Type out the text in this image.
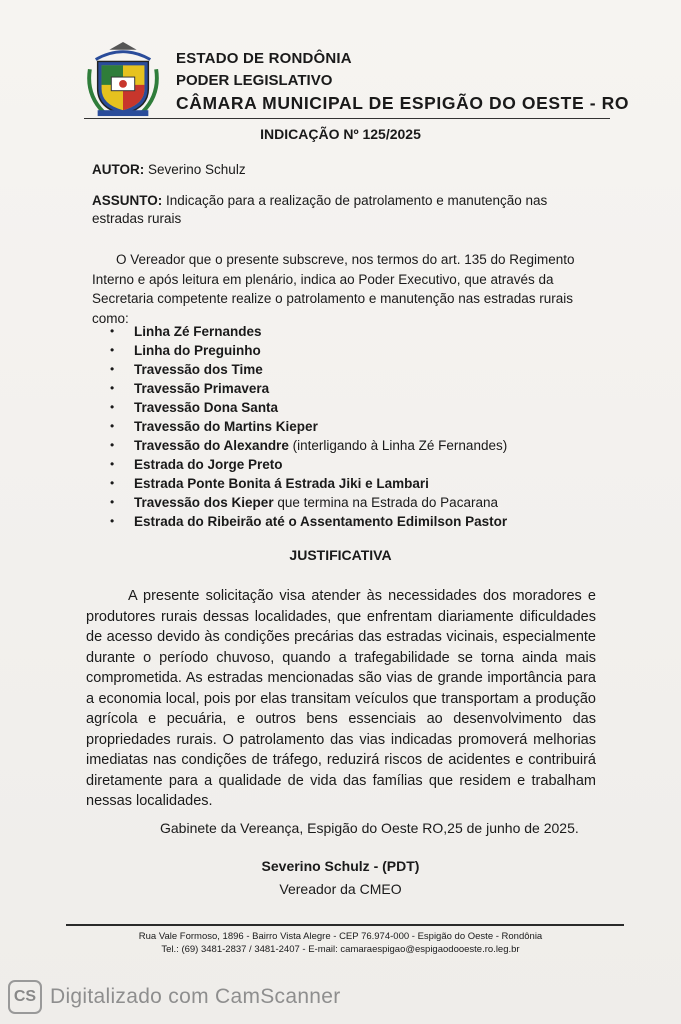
ESTADO DE RONDÔNIA

PODER LEGISLATIVO

CÂMARA MUNICIPAL DE ESPIGÃO DO OESTE - RO

INDICAÇÃO Nº 125/2025
AUTOR: Severino Schulz
ASSUNTO: Indicação para a realização de patrolamento e manutenção nas estradas rurais
O Vereador que o presente subscreve, nos termos do art. 135 do Regimento Interno e após leitura em plenário, indica ao Poder Executivo, que através da Secretaria competente realize o patrolamento e manutenção nas estradas rurais como:
• Linha Zé Fernandes
• Linha do Preguinho
• Travessão dos Time
• Travessão Primavera
• Travessão Dona Santa
• Travessão do Martins Kieper
• Travessão do Alexandre (interligando à Linha Zé Fernandes)
• Estrada do Jorge Preto
• Estrada Ponte Bonita á Estrada Jiki e Lambari
• Travessão dos Kieper que termina na Estrada do Pacarana
• Estrada do Ribeirão até o Assentamento Edimilson Pastor
JUSTIFICATIVA
A presente solicitação visa atender às necessidades dos moradores e produtores rurais dessas localidades, que enfrentam diariamente dificuldades de acesso devido às condições precárias das estradas vicinais, especialmente durante o período chuvoso, quando a trafegabilidade se torna ainda mais comprometida. As estradas mencionadas são vias de grande importância para a economia local, pois por elas transitam veículos que transportam a produção agrícola e pecuária, e outros bens essenciais ao desenvolvimento das propriedades rurais. O patrolamento das vias indicadas promoverá melhorias imediatas nas condições de tráfego, reduzirá riscos de acidentes e contribuirá diretamente para a qualidade de vida das famílias que residem e trabalham nessas localidades.
Gabinete da Vereança, Espigão do Oeste RO,25 de junho de 2025.
Severino Schulz - (PDT)
Vereador da CMEO
Rua Vale Formoso, 1896 - Bairro Vista Alegre - CEP 76.974-000 - Espigão do Oeste - Rondônia
Tel.: (69) 3481-2837 / 3481-2407 - E-mail: camaraespigao@espigaodooeste.ro.leg.br
CS Digitalizado com CamScanner
